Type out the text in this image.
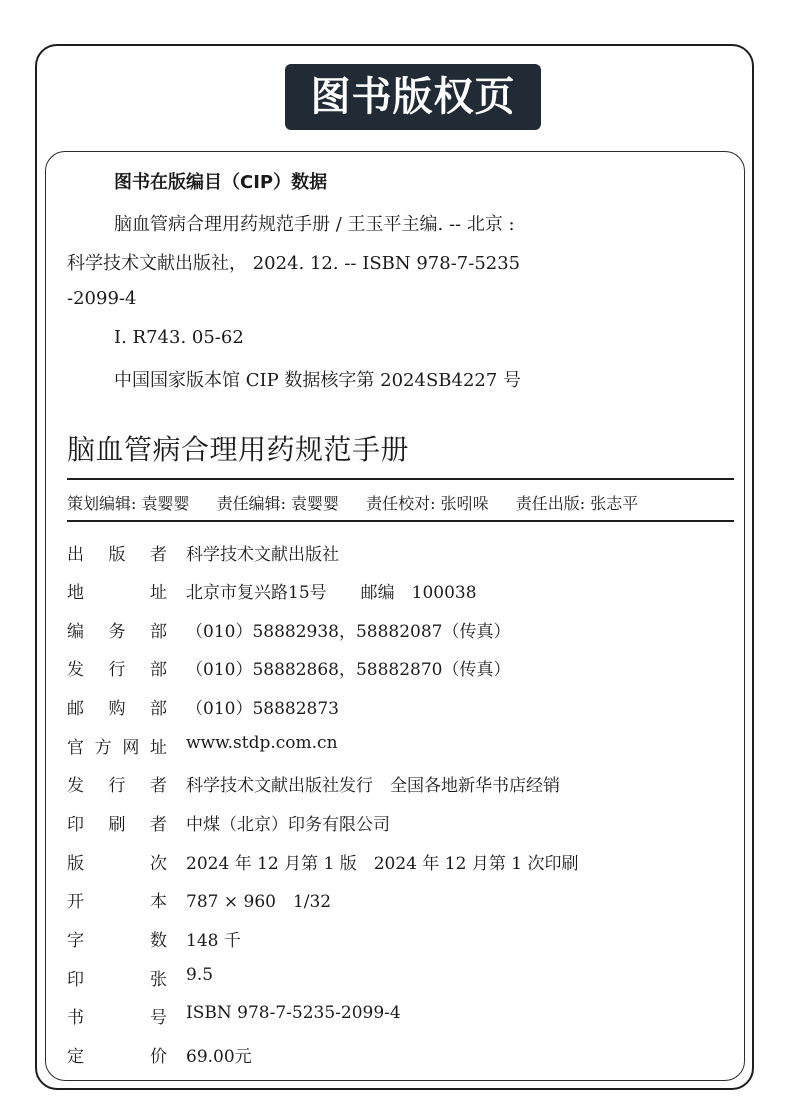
图书版权页
图书在版编目（CIP）数据
脑血管病合理用药规范手册 / 王玉平主编. -- 北京 :
科学技术文献出版社， 2024. 12. -- ISBN 978-7-5235
-2099-4
Ⅰ. R743. 05-62
中国国家版本馆 CIP 数据核字第 2024SB4227 号
脑血管病合理用药规范手册
策划编辑: 袁婴婴 责任编辑: 袁婴婴 责任校对: 张吲哚 责任出版: 张志平
出 版 者 科学技术文献出版社
地	址 北京市复兴路15号　　邮编　100038
编 务 部 （010）58882938，58882087（传真）
发 行 部 （010）58882868，58882870（传真）
邮 购 部 （010）58882873
官 方 网 址 www.stdp.com.cn
发 行 者 科学技术文献出版社发行　全国各地新华书店经销
印 刷 者 中煤（北京）印务有限公司
版	次 2024 年 12 月第 1 版　2024 年 12 月第 1 次印刷
开	本 787 × 960　1/32
字	数 148 千
印	张 9.5
书	号 ISBN 978-7-5235-2099-4
定	价 69.00元
